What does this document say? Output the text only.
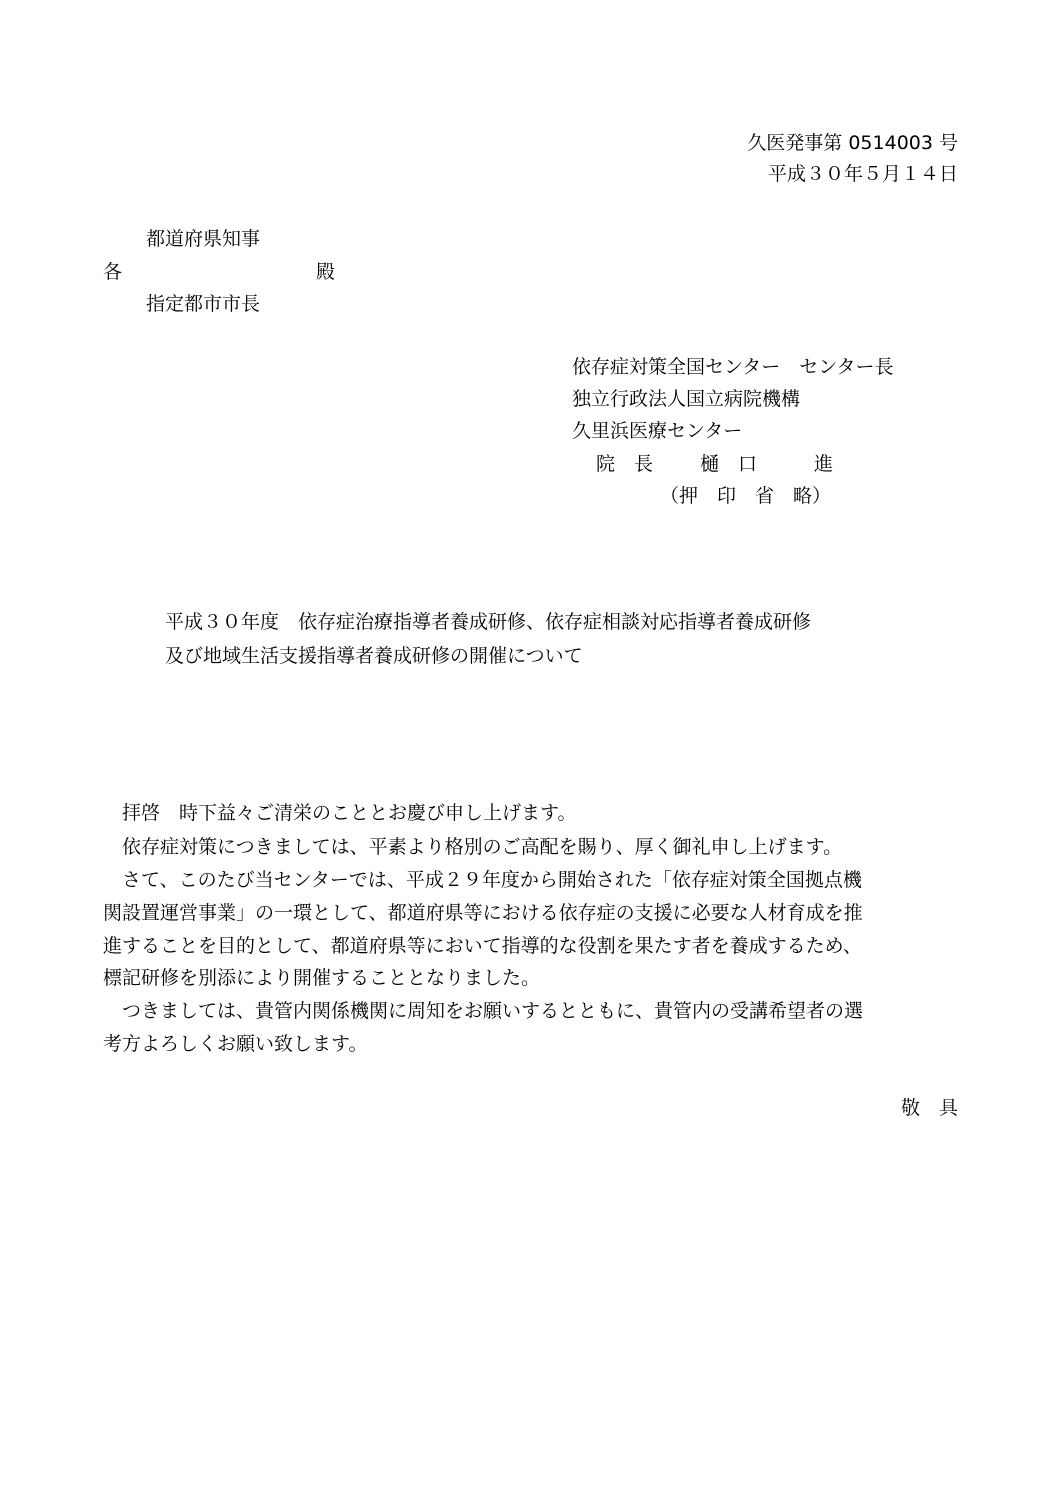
久医発事第 0514003 号
平成３０年５月１４日
都道府県知事
各	殿
指定都市市長
依存症対策全国センター　センター長
独立行政法人国立病院機構
久里浜医療センター
院　長 樋　口　　　進
（押　印　省　略）
平成３０年度　依存症治療指導者養成研修、依存症相談対応指導者養成研修
及び地域生活支援指導者養成研修の開催について
　拝啓　時下益々ご清栄のこととお慶び申し上げます。
　依存症対策につきましては、平素より格別のご高配を賜り、厚く御礼申し上げます。
　さて、このたび当センターでは、平成２９年度から開始された「依存症対策全国拠点機
関設置運営事業」の一環として、都道府県等における依存症の支援に必要な人材育成を推
進することを目的として、都道府県等において指導的な役割を果たす者を養成するため、
標記研修を別添により開催することとなりました。
　つきましては、貴管内関係機関に周知をお願いするとともに、貴管内の受講希望者の選
考方よろしくお願い致します。
敬　具
